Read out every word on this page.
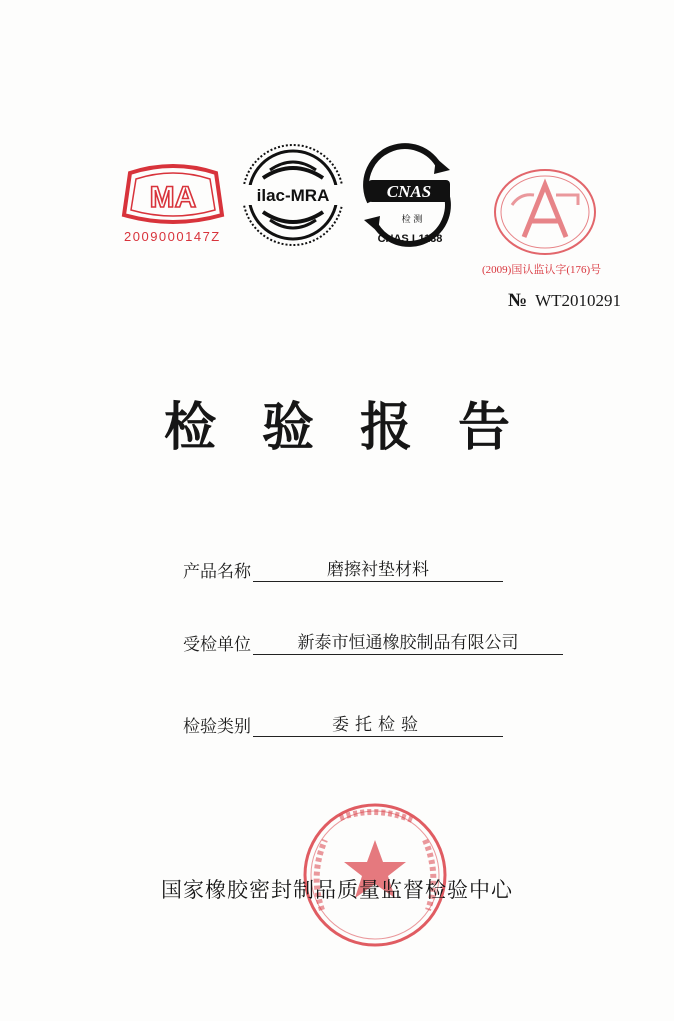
MA
2009000147Z
ilac-MRA	CNAS
检 测
CNAS L1138
(2009)国认监认字(176)号
№ WT2010291
检验报告
产品名称	磨擦衬垫材料
受检单位	新泰市恒通橡胶制品有限公司
检验类别	委托检验
国家橡胶密封制品质量监督检验中心
